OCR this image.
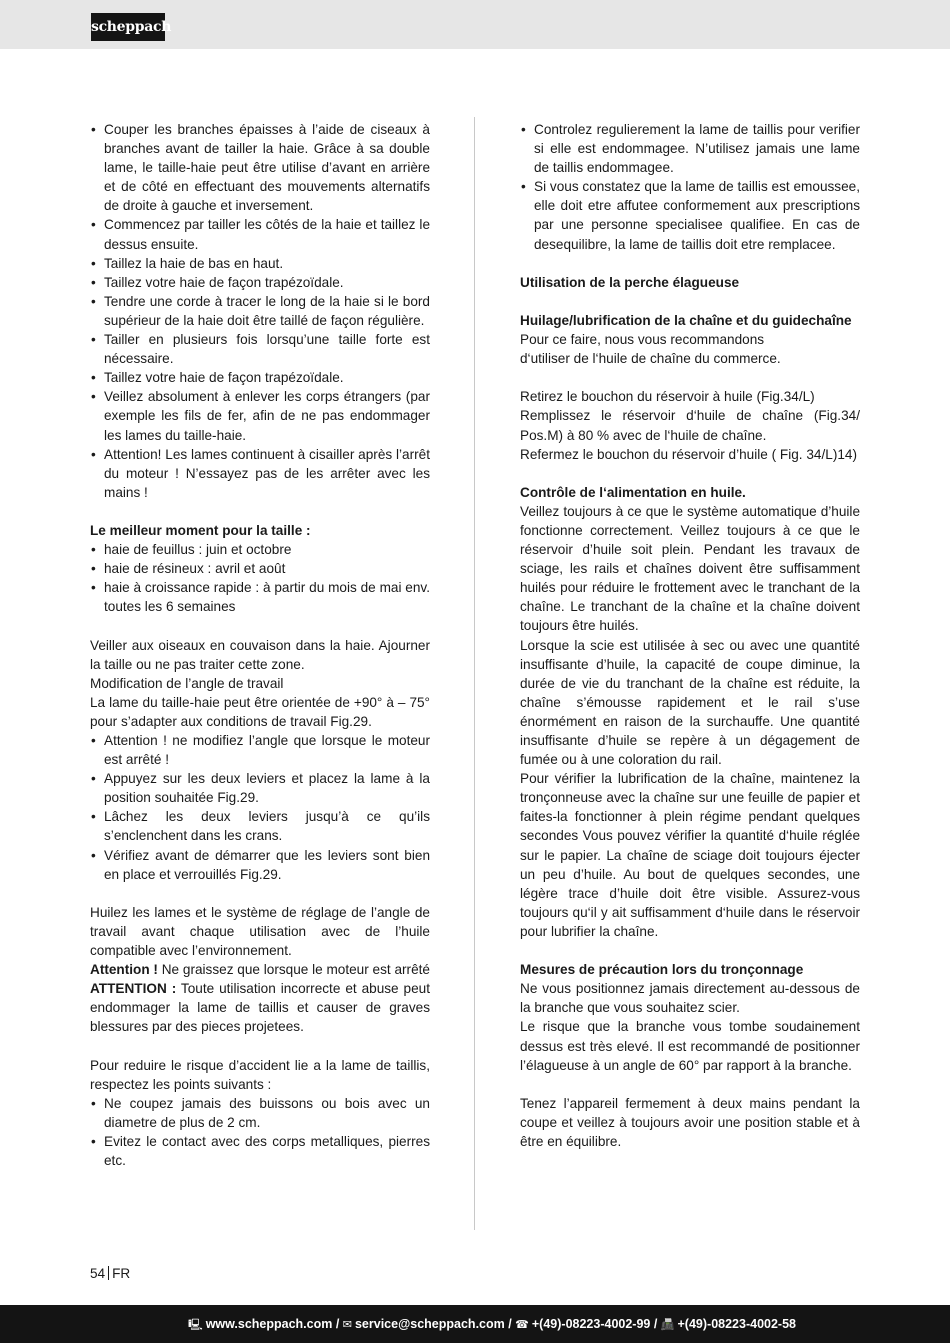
scheppach
• Couper les branches épaisses à l’aide de ciseaux à branches avant de tailler la haie. Grâce à sa double lame, le taille-haie peut être utilise d’avant en arrière et de côté en effectuant des mouvements alternatifs de droite à gauche et inversement.
• Commencez par tailler les côtés de la haie et taillez le dessus ensuite.
• Taillez la haie de bas en haut.
• Taillez votre haie de façon trapézoïdale.
• Tendre une corde à tracer le long de la haie si le bord supérieur de la haie doit être taillé de façon régulière.
• Tailler en plusieurs fois lorsqu’une taille forte est nécessaire.
• Taillez votre haie de façon trapézoïdale.
• Veillez absolument à enlever les corps étrangers (par exemple les fils de fer, afin de ne pas endommager les lames du taille-haie.
• Attention! Les lames continuent à cisailler après l’arrêt du moteur ! N’essayez pas de les arrêter avec les mains !

Le meilleur moment pour la taille :

• haie de feuillus : juin et octobre
• haie de résineux : avril et août
• haie à croissance rapide : à partir du mois de mai env. toutes les 6 semaines

Veiller aux oiseaux en couvaison dans la haie. Ajourner la taille ou ne pas traiter cette zone.

Modification de l’angle de travail

La lame du taille-haie peut être orientée de +90° à – 75° pour s’adapter aux conditions de travail Fig.29.

• Attention ! ne modifiez l’angle que lorsque le moteur est arrêté !
• Appuyez sur les deux leviers et placez la lame à la position souhaitée Fig.29.
• Lâchez les deux leviers jusqu’à ce qu’ils s’enclenchent dans les crans.
• Vérifiez avant de démarrer que les leviers sont bien en place et verrouillés Fig.29.

Huilez les lames et le système de réglage de l’angle de travail avant chaque utilisation avec de l’huile compatible avec l’environnement.

Attention ! Ne graissez que lorsque le moteur est arrêté

ATTENTION : Toute utilisation incorrecte et abuse peut endommager la lame de taillis et causer de graves blessures par des pieces projetees.

Pour reduire le risque d’accident lie a la lame de taillis, respectez les points suivants :

• Ne coupez jamais des buissons ou bois avec un diametre de plus de 2 cm.
• Evitez le contact avec des corps metalliques, pierres etc.
• Controlez regulierement la lame de taillis pour verifier si elle est endommagee. N’utilisez jamais une lame de taillis endommagee.
• Si vous constatez que la lame de taillis est emoussee, elle doit etre affutee conformement aux prescriptions par une personne specialisee qualifiee. En cas de desequilibre, la lame de taillis doit etre remplacee.

Utilisation de la perche élagueuse

Huilage/lubrification de la chaîne et du guidechaîne

Pour ce faire, nous vous recommandons

d‘utiliser de l‘huile de chaîne du commerce.

Retirez le bouchon du réservoir à huile (Fig.34/L)

Remplissez le réservoir d‘huile de chaîne (Fig.34/ Pos.M) à 80 % avec de l‘huile de chaîne.

Refermez le bouchon du réservoir d’huile ( Fig. 34/L)14)

Contrôle de l‘alimentation en huile.

Veillez toujours à ce que le système automatique d’huile fonctionne correctement. Veillez toujours à ce que le réservoir d’huile soit plein. Pendant les travaux de sciage, les rails et chaînes doivent être suffisamment huilés pour réduire le frottement avec le tranchant de la chaîne. Le tranchant de la chaîne et la chaîne doivent toujours être huilés.

Lorsque la scie est utilisée à sec ou avec une quantité insuffisante d’huile, la capacité de coupe diminue, la durée de vie du tranchant de la chaîne est réduite, la chaîne s’émousse rapidement et le rail s’use énormément en raison de la surchauffe. Une quantité insuffisante d’huile se repère à un dégagement de fumée ou à une coloration du rail.

Pour vérifier la lubrification de la chaîne, maintenez la tronçonneuse avec la chaîne sur une feuille de papier et faites-la fonctionner à plein régime pendant quelques secondes Vous pouvez vérifier la quantité d‘huile réglée sur le papier. La chaîne de sciage doit toujours éjecter un peu d’huile. Au bout de quelques secondes, une légère trace d’huile doit être visible. Assurez-vous toujours qu‘il y ait suffisamment d‘huile dans le réservoir pour lubrifier la chaîne.

Mesures de précaution lors du tronçonnage

Ne vous positionnez jamais directement au-dessous de la branche que vous souhaitez scier.

Le risque que la branche vous tombe soudainement dessus est très elevé. Il est recommandé de positionner l’élagueuse à un angle de 60° par rapport à la branche.

Tenez l’appareil fermement à deux mains pendant la coupe et veillez à toujours avoir une position stable et à être en équilibre.

54 FR
🖳 www.scheppach.com / ✉ service@scheppach.com / ☎ +(49)-08223-4002-99 / 📠 +(49)-08223-4002-58
